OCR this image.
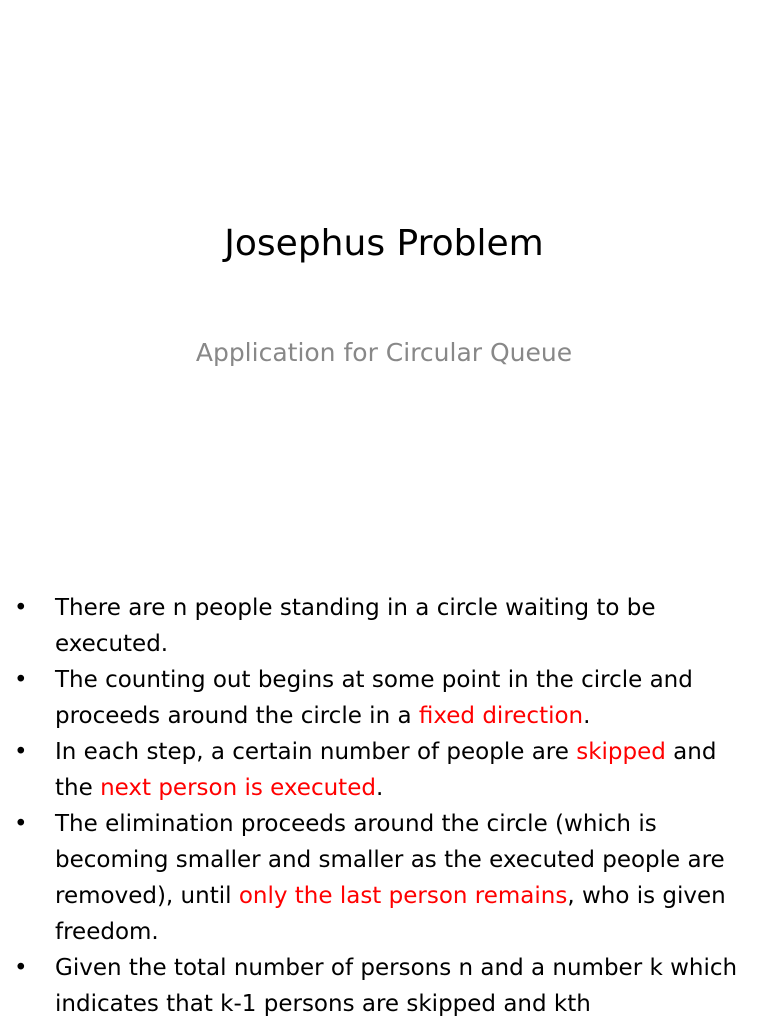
Josephus Problem
Application for Circular Queue
• There are n people standing in a circle waiting to be executed.
• The counting out begins at some point in the circle and proceeds around the circle in a fixed direction.
• In each step, a certain number of people are skipped and the next person is executed.
• The elimination proceeds around the circle (which is becoming smaller and smaller as the executed people are removed), until only the last person remains, who is given freedom.
• Given the total number of persons n and a number k which indicates that k-1 persons are skipped and kth
